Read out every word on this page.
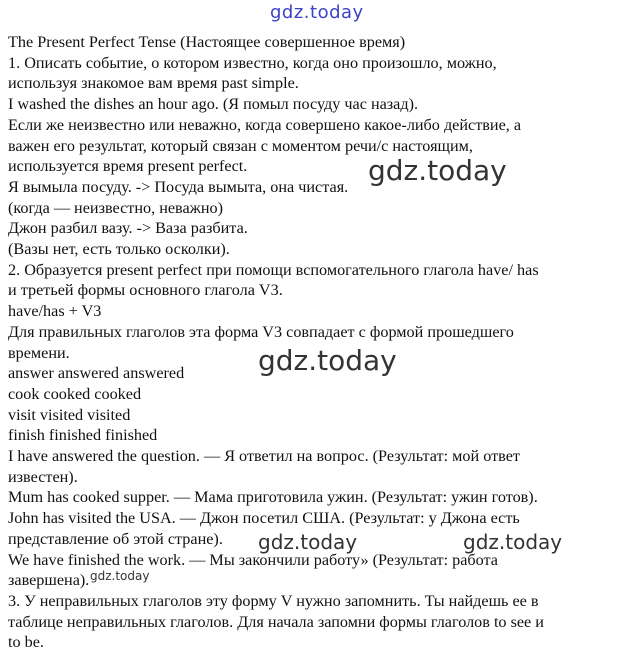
gdz.today
The Present Perfect Tense (Настоящее совершенное время)
1. Описать событие, о котором известно, когда оно произошло, можно,
используя знакомое вам время past simple.
I washed the dishes an hour ago. (Я помыл посуду час назад).
Если же неизвестно или неважно, когда совершено какое-либо действие, а
важен его результат, который связан с моментом речи/с настоящим,
используется время present perfect.
Я вымыла посуду. -> Посуда вымыта, она чистая.
(когда — неизвестно, неважно)
Джон разбил вазу. -> Ваза разбита.
(Вазы нет, есть только осколки).
2. Образуется present perfect при помощи вспомогательного глагола have/ has
и третьей формы основного глагола V3.
have/has + V3
Для правильных глаголов эта форма V3 совпадает с формой прошедшего
времени.
answer answered answered
cook cooked cooked
visit visited visited
finish finished finished
I have answered the question. — Я ответил на вопрос. (Результат: мой ответ
известен).
Mum has cooked supper. — Мама приготовила ужин. (Результат: ужин готов).
John has visited the USA. — Джон посетил США. (Результат: у Джона есть
представление об этой стране).
We have finished the work. — Мы закончили работу» (Результат: работа
завершена).
3. У неправильных глаголов эту форму V нужно запомнить. Ты найдешь ее в
таблице неправильных глаголов. Для начала запомни формы глаголов to see и
to be.
gdz.today
gdz.today
gdz.today	gdz.today
gdz.today
